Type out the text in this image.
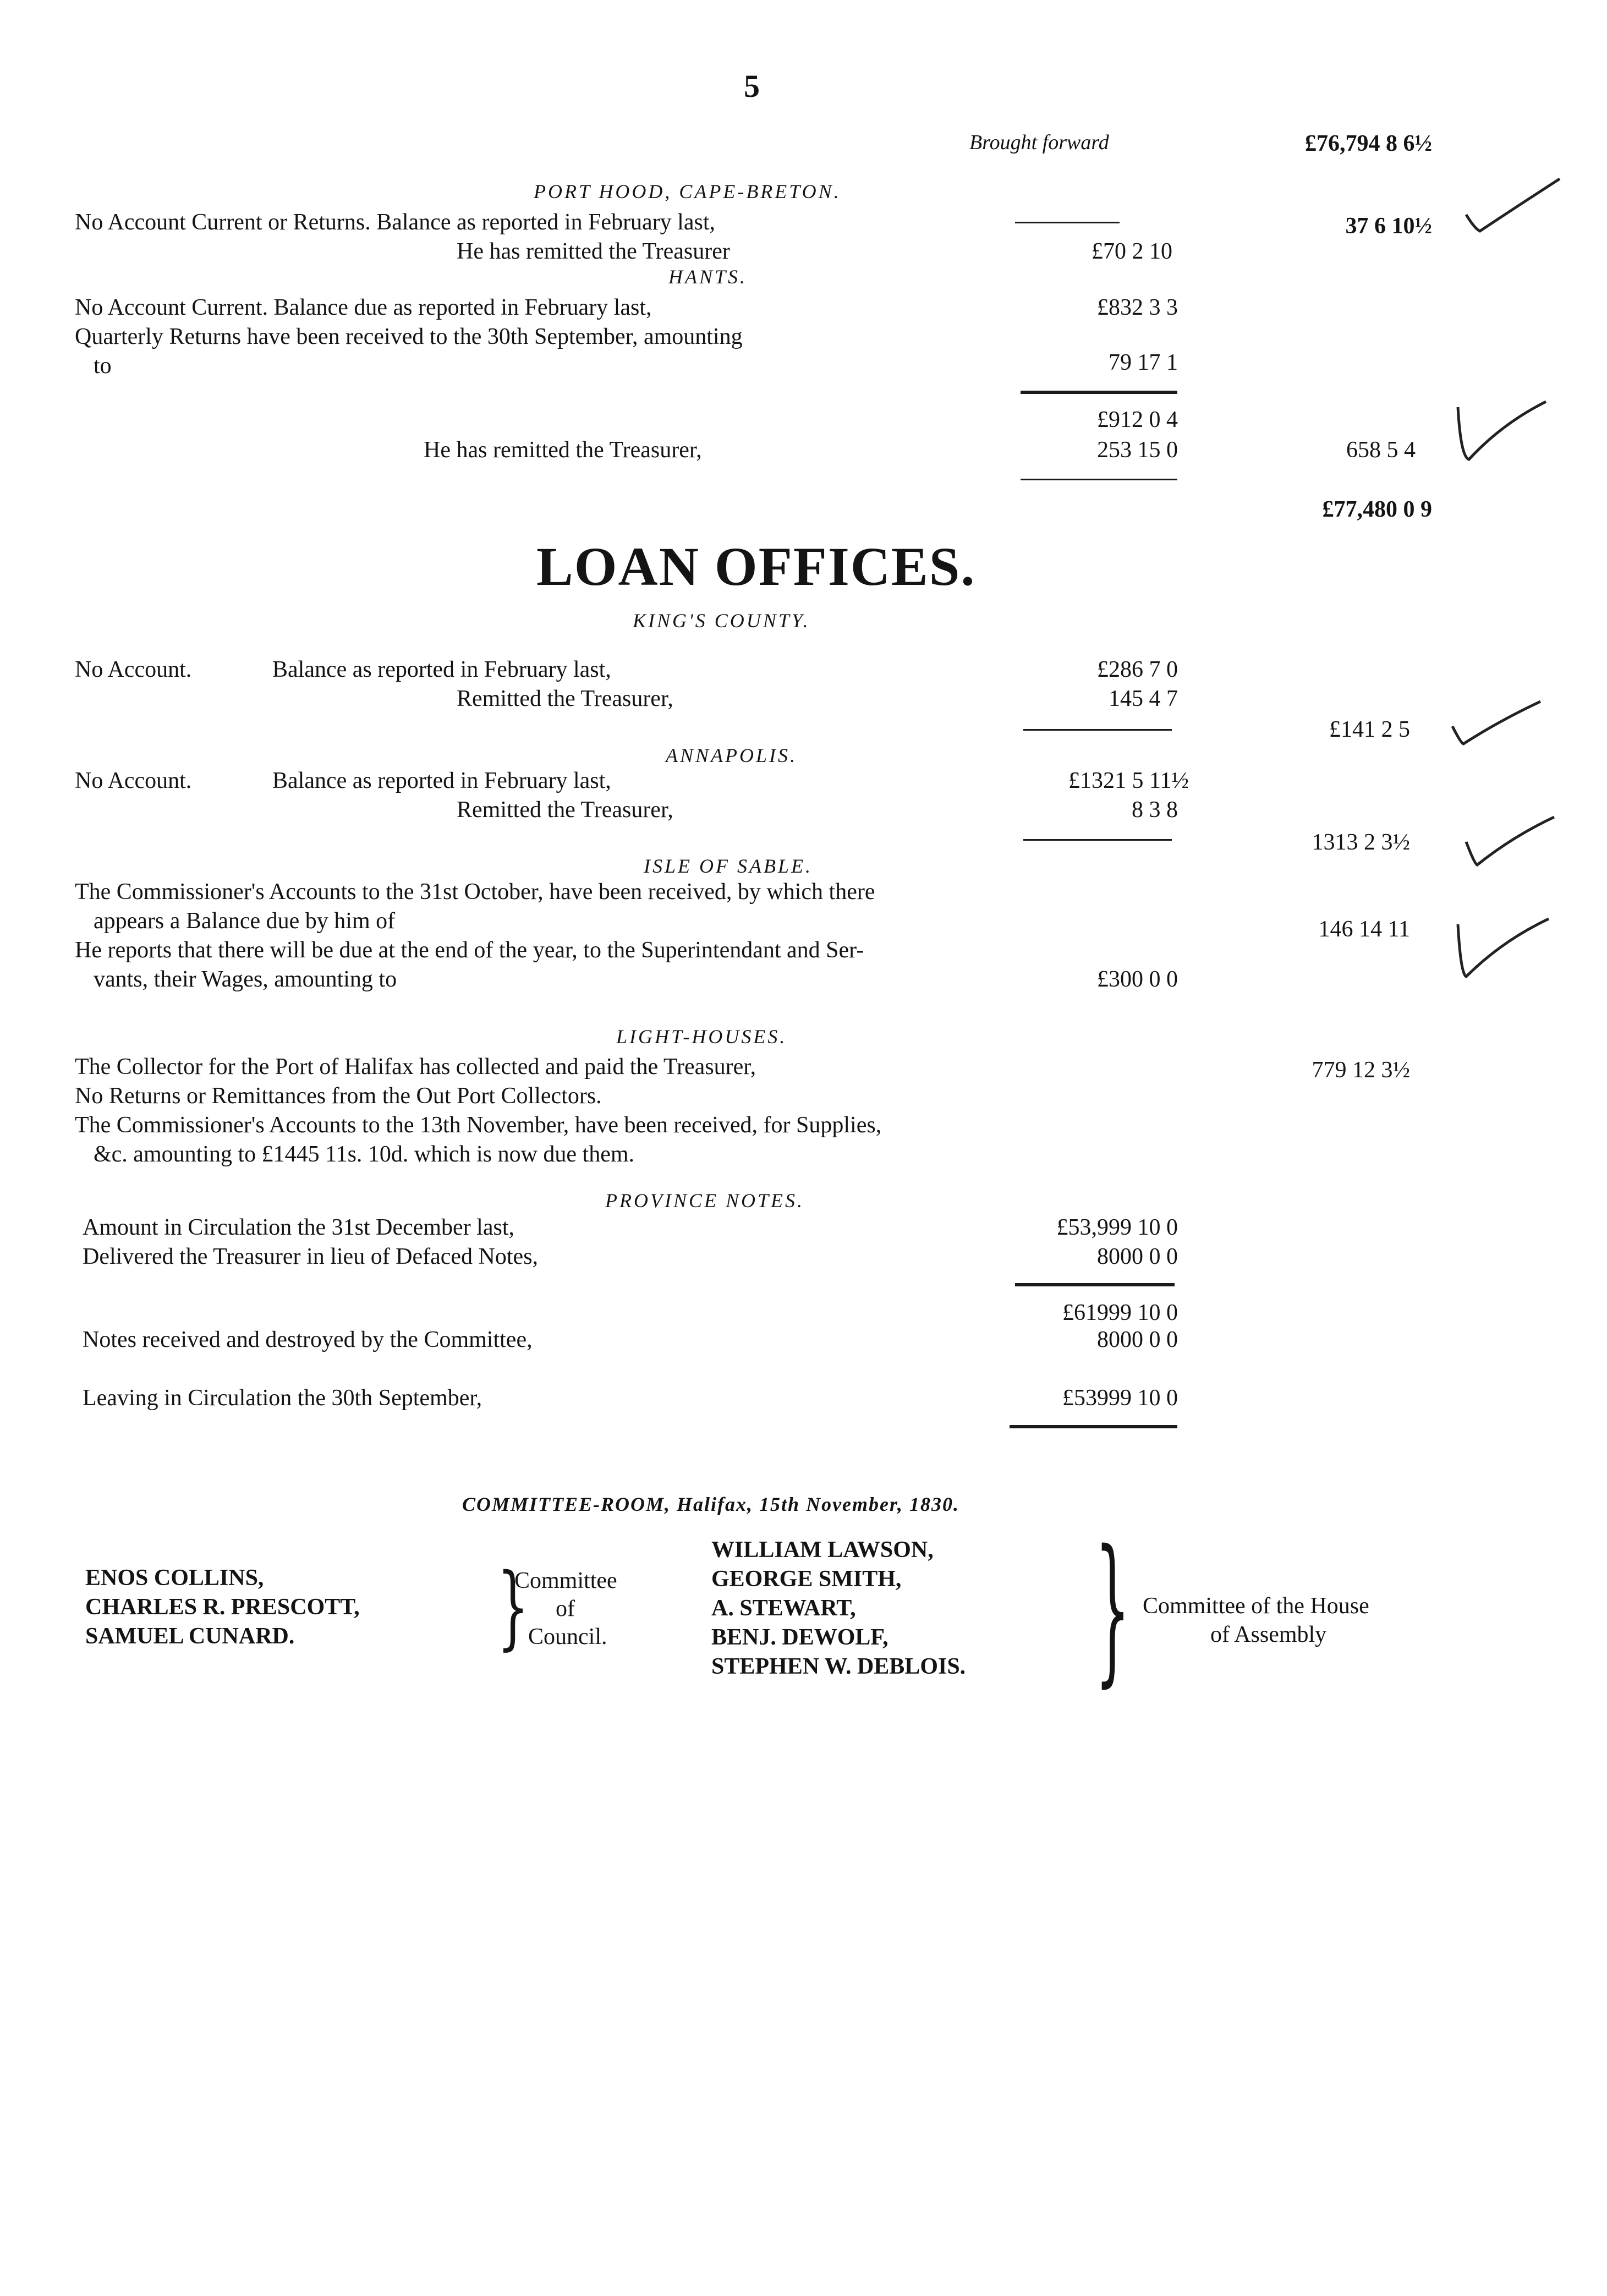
5
Brought forward	£76,794 8 6½
PORT HOOD, CAPE-BRETON.
No Account Current or Returns. Balance as reported in February last,	37 6 10½
He has remitted the Treasurer	£70 2 10
HANTS.
No Account Current. Balance due as reported in February last,	£832 3 3
Quarterly Returns have been received to the 30th September, amounting
to	79 17 1
£912 0 4
He has remitted the Treasurer,	253 15 0	658 5 4
£77,480 0 9
LOAN OFFICES.
KING'S COUNTY.
No Account.	Balance as reported in February last,	£286 7 0
Remitted the Treasurer,	145 4 7
£141 2 5
ANNAPOLIS.
No Account.	Balance as reported in February last,	£1321 5 11½
Remitted the Treasurer,	8 3 8
1313 2 3½
ISLE OF SABLE.
The Commissioner's Accounts to the 31st October, have been received, by which there
appears a Balance due by him of	146 14 11
He reports that there will be due at the end of the year, to the Superintendant and Ser-
vants, their Wages, amounting to	£300 0 0
LIGHT-HOUSES.
The Collector for the Port of Halifax has collected and paid the Treasurer,	779 12 3½
No Returns or Remittances from the Out Port Collectors.
The Commissioner's Accounts to the 13th November, have been received, for Supplies,
&c. amounting to £1445 11s. 10d. which is now due them.
PROVINCE NOTES.
Amount in Circulation the 31st December last,	£53,999 10 0
Delivered the Treasurer in lieu of Defaced Notes,	8000 0 0
£61999 10 0
Notes received and destroyed by the Committee,	8000 0 0
Leaving in Circulation the 30th September,	£53999 10 0
COMMITTEE-ROOM, Halifax, 15th November, 1830.
ENOS COLLINS,
CHARLES R. PRESCOTT,
SAMUEL CUNARD. }
Committee
of
Council.
WILLIAM LAWSON,
GEORGE SMITH,
A. STEWART,
BENJ. DEWOLF,
STEPHEN W. DEBLOIS. } Committee of the House
of Assembly
